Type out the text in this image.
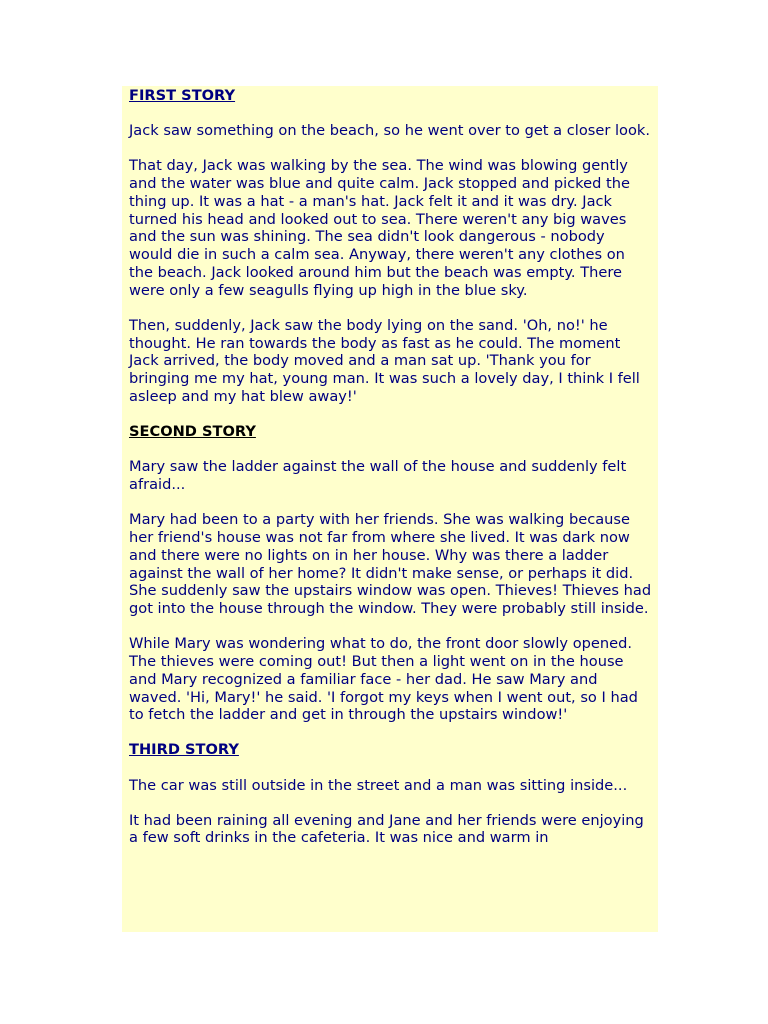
FIRST STORY

Jack saw something on the beach, so he went over to get a closer look.

That day, Jack was walking by the sea. The wind was blowing gently and the water was blue and quite calm. Jack stopped and picked the thing up. It was a hat - a man's hat. Jack felt it and it was dry. Jack turned his head and looked out to sea. There weren't any big waves and the sun was shining. The sea didn't look dangerous - nobody would die in such a calm sea. Anyway, there weren't any clothes on the beach. Jack looked around him but the beach was empty. There were only a few seagulls flying up high in the blue sky.

Then, suddenly, Jack saw the body lying on the sand. 'Oh, no!' he thought. He ran towards the body as fast as he could. The moment Jack arrived, the body moved and a man sat up. 'Thank you for bringing me my hat, young man. It was such a lovely day, I think I fell asleep and my hat blew away!'

SECOND STORY

Mary saw the ladder against the wall of the house and suddenly felt afraid...

Mary had been to a party with her friends. She was walking because her friend's house was not far from where she lived. It was dark now and there were no lights on in her house. Why was there a ladder against the wall of her home? It didn't make sense, or perhaps it did. She suddenly saw the upstairs window was open. Thieves! Thieves had got into the house through the window. They were probably still inside.

While Mary was wondering what to do, the front door slowly opened. The thieves were coming out! But then a light went on in the house and Mary recognized a familiar face - her dad. He saw Mary and waved. 'Hi, Mary!' he said. 'I forgot my keys when I went out, so I had to fetch the ladder and get in through the upstairs window!'

THIRD STORY

The car was still outside in the street and a man was sitting inside...

It had been raining all evening and Jane and her friends were enjoying a few soft drinks in the cafeteria. It was nice and warm in
